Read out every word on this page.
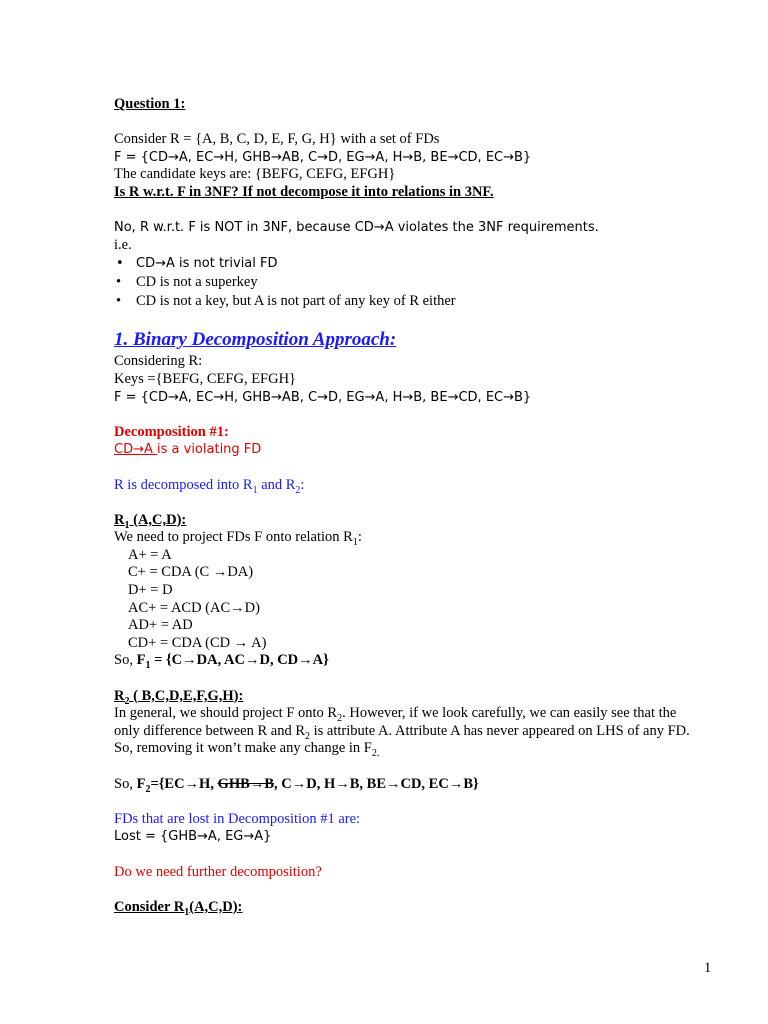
Question 1:

Consider R = {A, B, C, D, E, F, G, H} with a set of FDs

F = {CD→A, EC→H, GHB→AB, C→D, EG→A, H→B, BE→CD, EC→B}

The candidate keys are: {BEFG, CEFG, EFGH}

Is R w.r.t. F in 3NF? If not decompose it into relations in 3NF.

No, R w.r.t. F is NOT in 3NF, because CD→A violates the 3NF requirements.

i.e.

• CD→A is not trivial FD
• CD is not a superkey
• CD is not a key, but A is not part of any key of R either

1. Binary Decomposition Approach:

Considering R:

Keys ={BEFG, CEFG, EFGH}

F = {CD→A, EC→H, GHB→AB, C→D, EG→A, H→B, BE→CD, EC→B}

Decomposition #1:

CD→A is a violating FD

R is decomposed into $R_1$ and $R_2$:

$R_1$ (A,C,D):

We need to project FDs F onto relation $R_1$:

A+ = A

C+ = CDA (C →DA)

D+ = D

AC+ = ACD (AC→D)

AD+ = AD

CD+ = CDA (CD → A)

So, $F_1 = \{C\to DA$, AC→D, CD→A}

$R_2$ ( B,C,D,E,F,G,H):

In general, we should project F onto $R_2$. However, if we look carefully, we can easily see that the only difference between R and $R_2$ is attribute A. Attribute A has never appeared on LHS of any FD. So, removing it won’t make any change in $F_{2.}$

So, $F_2=\{EC\to H$, GHB→B, C→D, H→B, BE→CD, EC→B}

FDs that are lost in Decomposition #1 are:

Lost = {GHB→A, EG→A}

Do we need further decomposition?

Consider $R_1(A,C,D)$:

1
